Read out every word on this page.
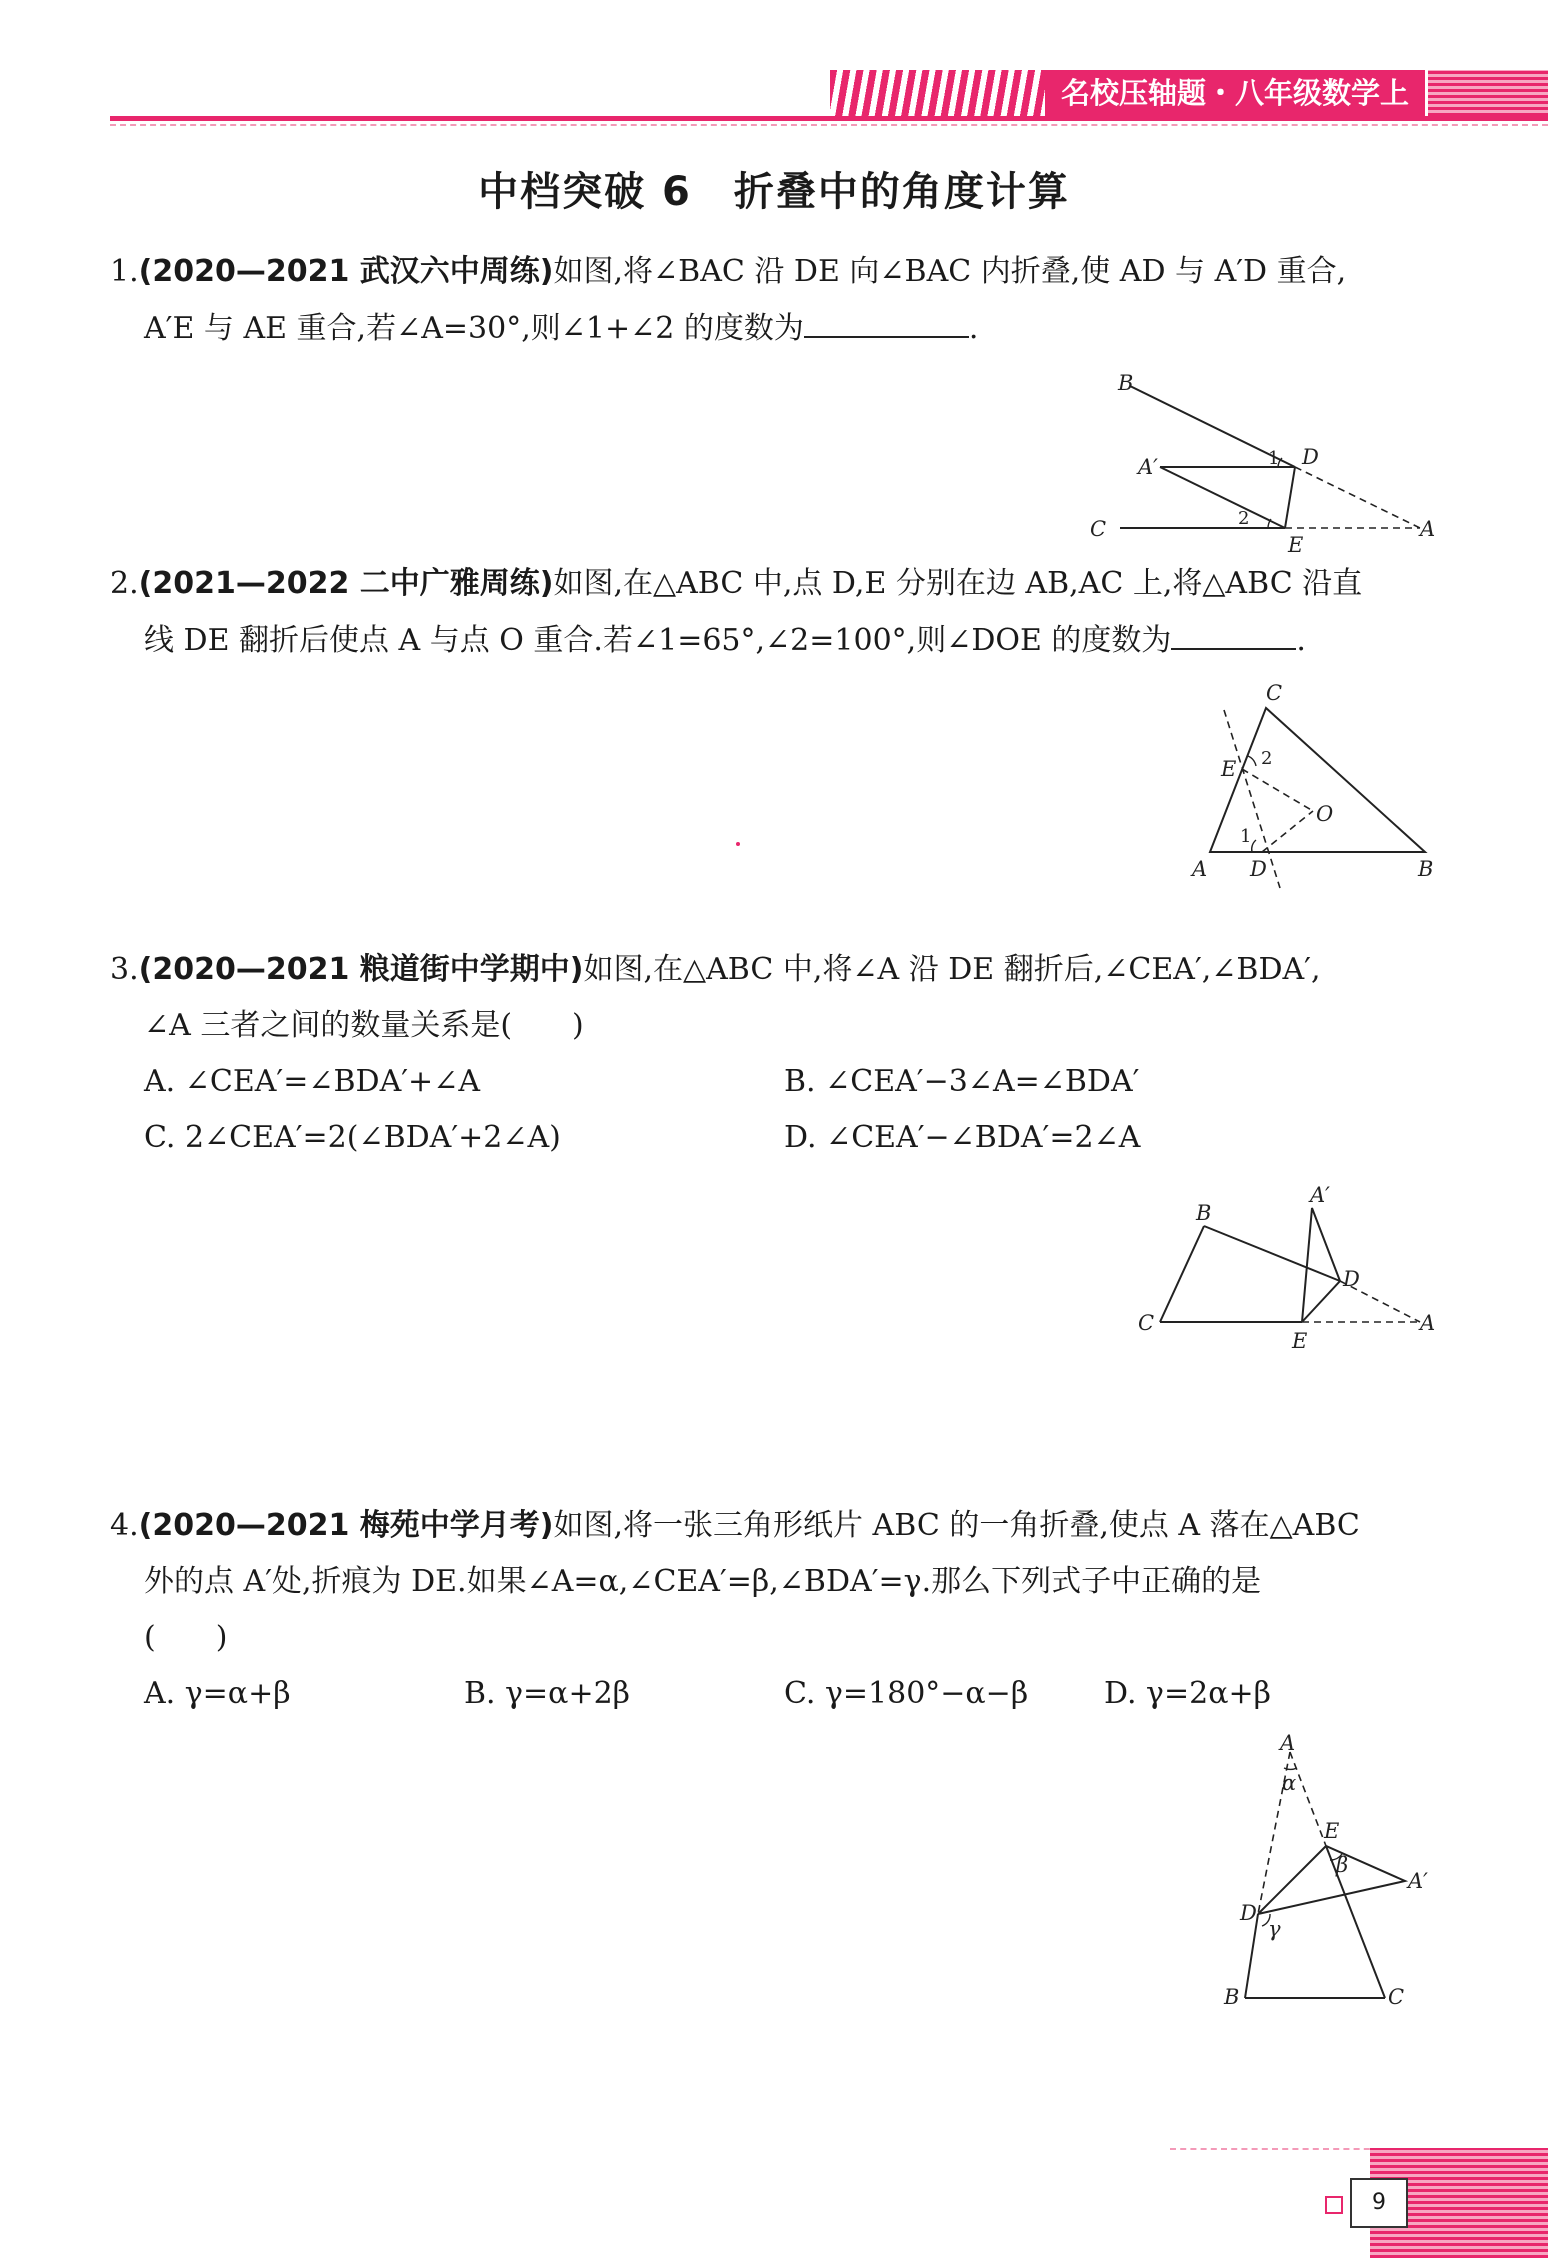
名校压轴题・八年级数学上
中档突破 6　折叠中的角度计算

1.(2020—2021 武汉六中周练)如图,将∠BAC 沿 DE 向∠BAC 内折叠,使 AD 与 A′D 重合,

A′E 与 AE 重合,若∠A=30°,则∠1+∠2 的度数为	.

B
A′	1 D
C	2
E
A

2.(2021—2022 二中广雅周练)如图,在△ABC 中,点 D,E 分别在边 AB,AC 上,将△ABC 沿直

线 DE 翻折后使点 A 与点 O 重合.若∠1=65°,∠2=100°,则∠DOE 的度数为	.

C
E 2
O
1
A D	B

3.(2020—2021 粮道街中学期中)如图,在△ABC 中,将∠A 沿 DE 翻折后,∠CEA′,∠BDA′,

∠A 三者之间的数量关系是(　　)

A. ∠CEA′=∠BDA′+∠A	B. ∠CEA′−3∠A=∠BDA′
C. 2∠CEA′=2(∠BDA′+2∠A)	D. ∠CEA′−∠BDA′=2∠A
A′
B
D
C
E
A

4.(2020—2021 梅苑中学月考)如图,将一张三角形纸片 ABC 的一角折叠,使点 A 落在△ABC

外的点 A′处,折痕为 DE.如果∠A=α,∠CEA′=β,∠BDA′=γ.那么下列式子中正确的是

(　　)

A. γ=α+β	B. γ=α+2β	C. γ=180°−α−β	D. γ=2α+β
A
α
E
β
A′
D
γ
B	C
9
